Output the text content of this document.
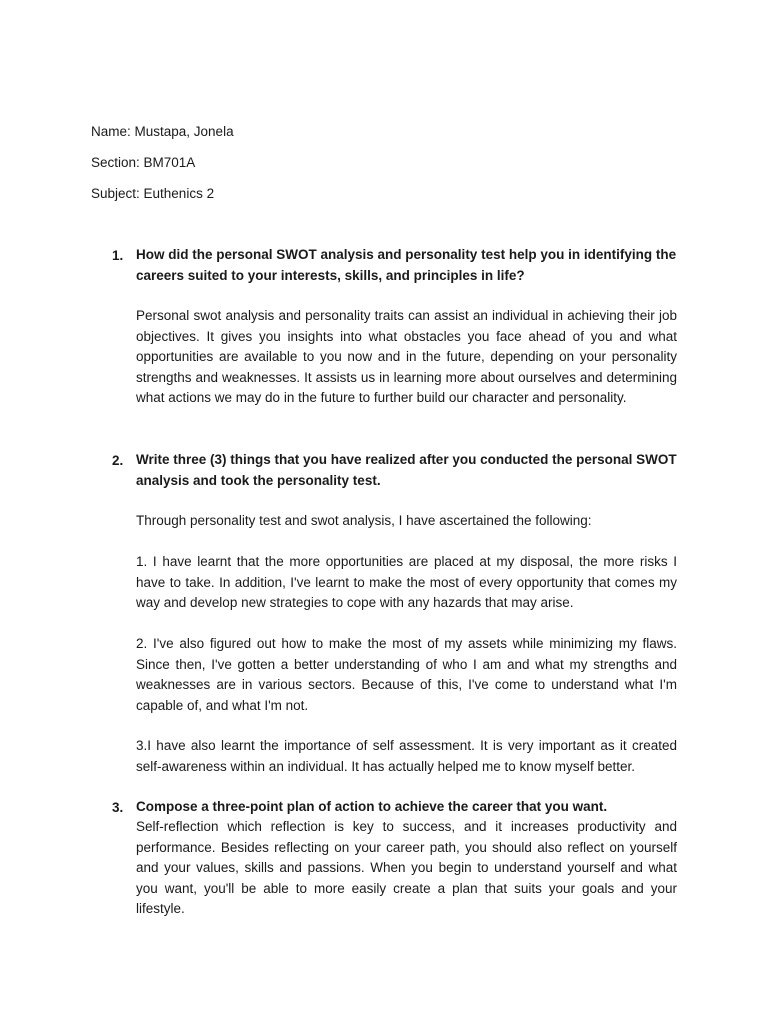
Name: Mustapa, Jonela
Section: BM701A
Subject: Euthenics 2
1. How did the personal SWOT analysis and personality test help you in identifying the careers suited to your interests, skills, and principles in life?
Personal swot analysis and personality traits can assist an individual in achieving their job objectives. It gives you insights into what obstacles you face ahead of you and what opportunities are available to you now and in the future, depending on your personality strengths and weaknesses. It assists us in learning more about ourselves and determining what actions we may do in the future to further build our character and personality.
2. Write three (3) things that you have realized after you conducted the personal SWOT analysis and took the personality test.
Through personality test and swot analysis, I have ascertained the following:
1. I have learnt that the more opportunities are placed at my disposal, the more risks I have to take. In addition, I've learnt to make the most of every opportunity that comes my way and develop new strategies to cope with any hazards that may arise.
2. I've also figured out how to make the most of my assets while minimizing my flaws. Since then, I've gotten a better understanding of who I am and what my strengths and weaknesses are in various sectors. Because of this, I've come to understand what I'm capable of, and what I'm not.
3.I have also learnt the importance of self assessment. It is very important as it created self-awareness within an individual. It has actually helped me to know myself better.
3. Compose a three-point plan of action to achieve the career that you want.
Self-reflection which reflection is key to success, and it increases productivity and performance. Besides reflecting on your career path, you should also reflect on yourself and your values, skills and passions. When you begin to understand yourself and what you want, you'll be able to more easily create a plan that suits your goals and your lifestyle.
